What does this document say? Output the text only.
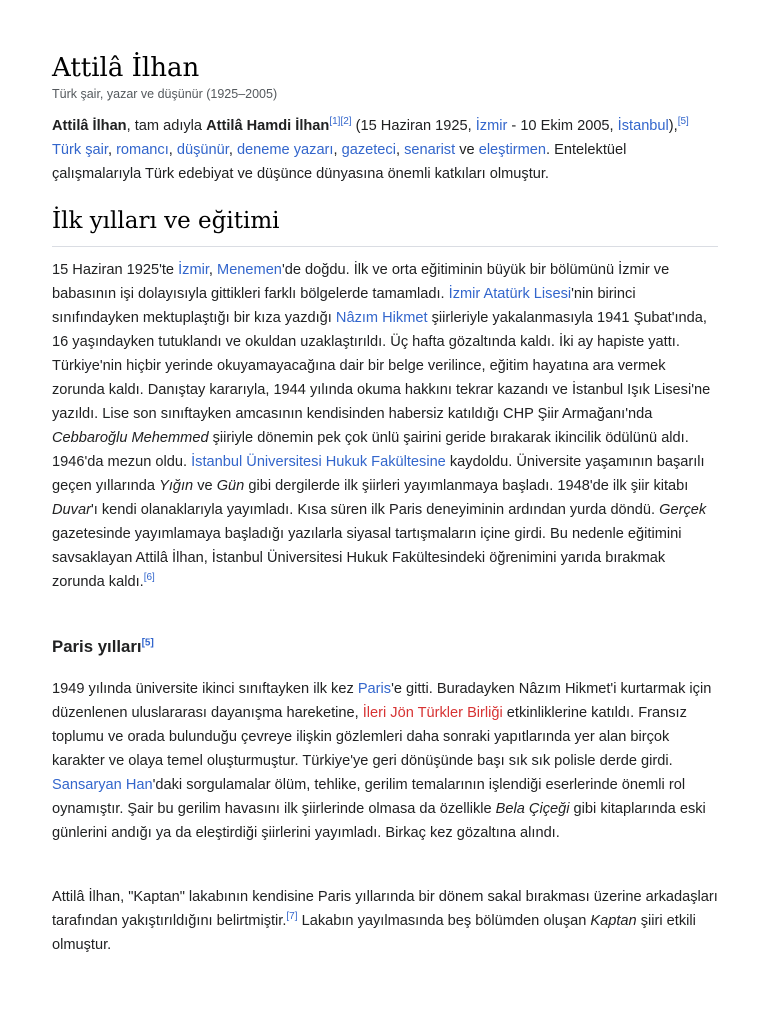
Attilâ İlhan
Türk şair, yazar ve düşünür (1925–2005)

Attilâ İlhan, tam adıyla Attilâ Hamdi İlhan[1][2] (15 Haziran 1925, İzmir - 10 Ekim 2005, İstanbul),[5] Türk şair, romancı, düşünür, deneme yazarı, gazeteci, senarist ve eleştirmen. Entelektüel çalışmalarıyla Türk edebiyat ve düşünce dünyasına önemli katkıları olmuştur.

İlk yılları ve eğitimi

15 Haziran 1925'te İzmir, Menemen'de doğdu. İlk ve orta eğitiminin büyük bir bölümünü İzmir ve babasının işi dolayısıyla gittikleri farklı bölgelerde tamamladı. İzmir Atatürk Lisesi'nin birinci sınıfındayken mektuplaştığı bir kıza yazdığı Nâzım Hikmet şiirleriyle yakalanmasıyla 1941 Şubat'ında, 16 yaşındayken tutuklandı ve okuldan uzaklaştırıldı. Üç hafta gözaltında kaldı. İki ay hapiste yattı. Türkiye'nin hiçbir yerinde okuyamayacağına dair bir belge verilince, eğitim hayatına ara vermek zorunda kaldı. Danıştay kararıyla, 1944 yılında okuma hakkını tekrar kazandı ve İstanbul Işık Lisesi'ne yazıldı. Lise son sınıftayken amcasının kendisinden habersiz katıldığı CHP Şiir Armağanı'nda Cebbaroğlu Mehemmed şiiriyle dönemin pek çok ünlü şairini geride bırakarak ikincilik ödülünü aldı. 1946'da mezun oldu. İstanbul Üniversitesi Hukuk Fakültesine kaydoldu. Üniversite yaşamının başarılı geçen yıllarında Yığın ve Gün gibi dergilerde ilk şiirleri yayımlanmaya başladı. 1948'de ilk şiir kitabı Duvar'ı kendi olanaklarıyla yayımladı. Kısa süren ilk Paris deneyiminin ardından yurda döndü. Gerçek gazetesinde yayımlamaya başladığı yazılarla siyasal tartışmaların içine girdi. Bu nedenle eğitimini savsaklayan Attilâ İlhan, İstanbul Üniversitesi Hukuk Fakültesindeki öğrenimini yarıda bırakmak zorunda kaldı.[6]

Paris yılları[5]

1949 yılında üniversite ikinci sınıftayken ilk kez Paris'e gitti. Buradayken Nâzım Hikmet'i kurtarmak için düzenlenen uluslararası dayanışma hareketine, İleri Jön Türkler Birliği etkinliklerine katıldı. Fransız toplumu ve orada bulunduğu çevreye ilişkin gözlemleri daha sonraki yapıtlarında yer alan birçok karakter ve olaya temel oluşturmuştur. Türkiye'ye geri dönüşünde başı sık sık polisle derde girdi. Sansaryan Han'daki sorgulamalar ölüm, tehlike, gerilim temalarının işlendiği eserlerinde önemli rol oynamıştır. Şair bu gerilim havasını ilk şiirlerinde olmasa da özellikle Bela Çiçeği gibi kitaplarında eski günlerini andığı ya da eleştirdiği şiirlerini yayımladı. Birkaç kez gözaltına alındı.

Attilâ İlhan, "Kaptan" lakabının kendisine Paris yıllarında bir dönem sakal bırakması üzerine arkadaşları tarafından yakıştırıldığını belirtmiştir.[7] Lakabın yayılmasında beş bölümden oluşan Kaptan şiiri etkili olmuştur.
